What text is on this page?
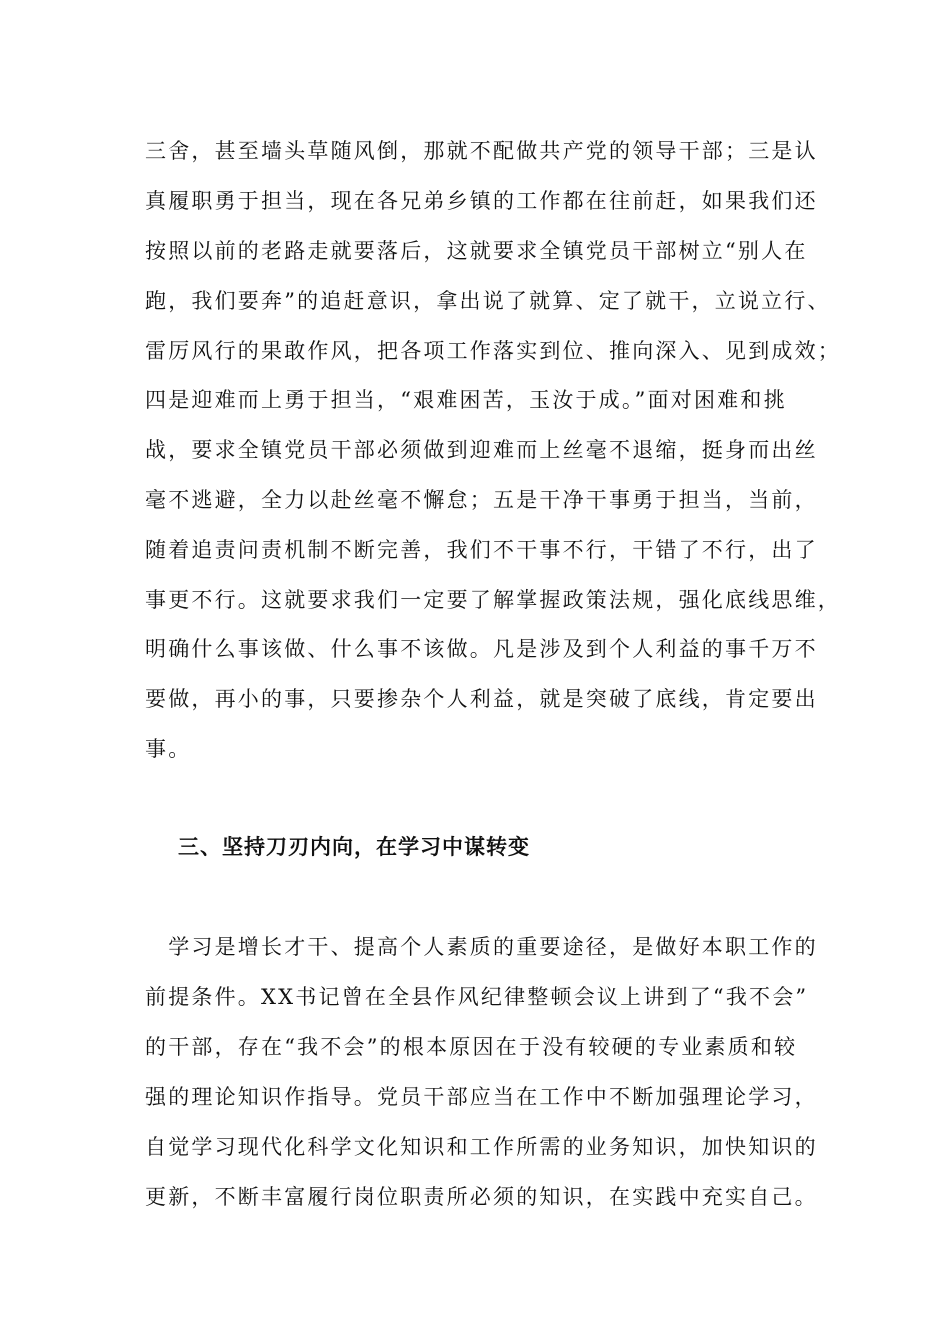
三舍，甚至墙头草随风倒，那就不配做共产党的领导干部；三是认
真履职勇于担当，现在各兄弟乡镇的工作都在往前赶，如果我们还
按照以前的老路走就要落后，这就要求全镇党员干部树立“别人在
跑，我们要奔”的追赶意识，拿出说了就算、定了就干，立说立行、
雷厉风行的果敢作风，把各项工作落实到位、推向深入、见到成效；
四是迎难而上勇于担当，“艰难困苦，玉汝于成。”面对困难和挑
战，要求全镇党员干部必须做到迎难而上丝毫不退缩，挺身而出丝
毫不逃避，全力以赴丝毫不懈怠；五是干净干事勇于担当，当前，
随着追责问责机制不断完善，我们不干事不行，干错了不行，出了
事更不行。这就要求我们一定要了解掌握政策法规，强化底线思维，
明确什么事该做、什么事不该做。凡是涉及到个人利益的事千万不
要做，再小的事，只要掺杂个人利益，就是突破了底线，肯定要出
事。
三、坚持刀刃内向，在学习中谋转变
　学习是增长才干、提高个人素质的重要途径，是做好本职工作的
前提条件。XX书记曾在全县作风纪律整顿会议上讲到了“我不会”
的干部，存在“我不会”的根本原因在于没有较硬的专业素质和较
强的理论知识作指导。党员干部应当在工作中不断加强理论学习，
自觉学习现代化科学文化知识和工作所需的业务知识，加快知识的
更新，不断丰富履行岗位职责所必须的知识，在实践中充实自己。
